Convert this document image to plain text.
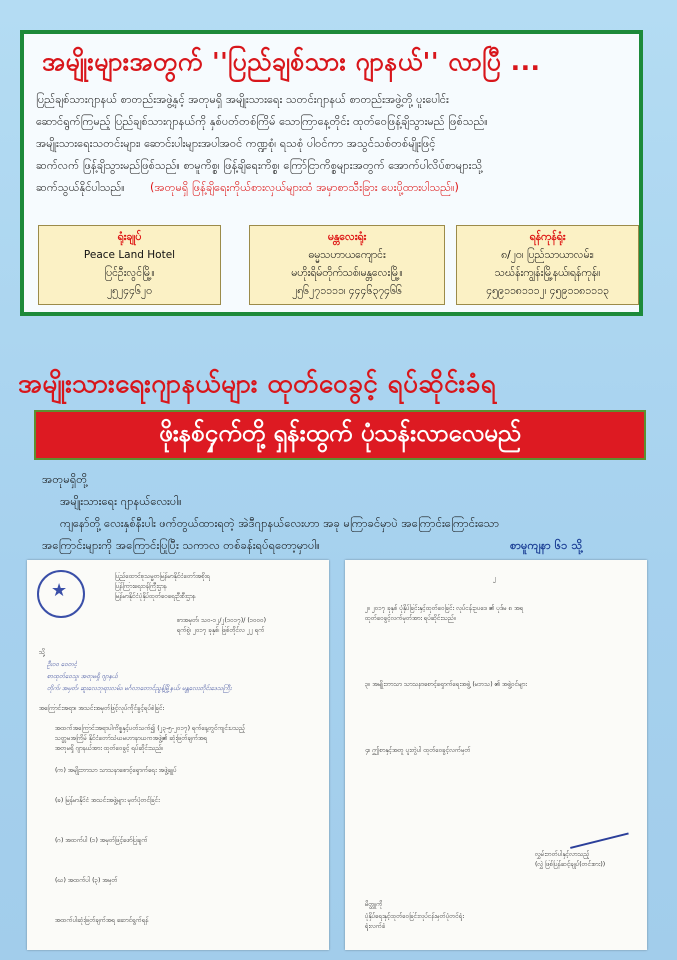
အမျိုးများအတွက် ''ပြည်ချစ်သား ဂျာနယ်'' လာပြီ ...
ပြည်ချစ်သားဂျာနယ် စာတည်းအဖွဲ့နှင့် အတုမရှိ အမျိုးသားရေး သတင်းဂျာနယ် စာတည်းအဖွဲ့တို့ ပူးပေါင်း
ဆောင်ရွက်ကြမည့် ပြည်ချစ်သားဂျာနယ်ကို နှစ်ပတ်တစ်ကြိမ် သောကြာနေ့တိုင်း ထုတ်ဝေဖြန့်ချိသွားမည် ဖြစ်သည်။
အမျိုးသားရေးသတင်းများ၊ ဆောင်းပါးများအပါအဝင် ကဏ္ဍစုံ၊ ရသစုံ ပါဝင်ကာ အသွင်သစ်တစ်မျိုးဖြင့်
ဆက်လက် ဖြန့်ချိသွားမည်ဖြစ်သည်။ စာမူကိစ္စ၊ ဖြန့်ချိရေးကိစ္စ၊ ကြော်ငြာကိစ္စများအတွက် အောက်ပါလိပ်စာများသို့
ဆက်သွယ်နိုင်ပါသည်။	(အတုမရှိ ဖြန့်ချိရေးကိုယ်စားလှယ်များထံ အမှာစာသီးခြား ပေးပို့ထားပါသည်။)
ရုံးချုပ်
Peace Land Hotel
ပြင်ဦးလွင်မြို့။
၂၅၂၄၄၆၂၀
မန္တလေးရုံး
ဓမ္မသဟာယကျောင်း
မဟိုးရိမ်တိုက်သစ်၊မန္တလေးမြို့။
၂၅၆၂၇၁၁၁၁၊ ၄၄၄၆၃၇၄၆၆
ရန်ကုန်ရုံး
၈/၂၀၊ ပြည်သာယာလမ်း၊
သဃ်န်းကျွန်းမြို့နယ်၊ရန်ကုန်။
၄၅၉၁၁၈၁၁၁၂၊ ၄၅၉၁၁၈၁၁၁၃
အမျိုးသားရေးဂျာနယ်များ ထုတ်ဝေခွင့် ရပ်ဆိုင်းခံရ
ဖိုးနစ်၄ှက်တို့ ရှန်းထွက် ပုံသန်းလာလေမည်
အတုမရှိတို့
အမျိုးသားရေး ဂျာနယ်လေးပါ။
ကျနော်တို့ လေးနှစ်နီးပါး ဖက်တွယ်ထားရတဲ့ အဲဒီဂျာနယ်လေးဟာ အခု မကြာခင်မှာပဲ အကြောင်းကြောင်းသော
အကြောင်းများကို အကြောင်းပြုပြီး သကာလ တစ်ခန်းရပ်ရတော့မှာပါ။	စာမူကျနာ ၆၁ သို့
★
ပြည်ထောင်စုသမ္မတမြန်မာနိုင်ငံတော်အစိုးရ
ပြန်ကြားရေးဝန်ကြီးဌာန
မြန်မာနိုင်ငံပုံနှိပ်ထုတ်ဝေရေးဦးစီးဌာန
စာအမှတ်၊ သဝ-၁၂/၂(၁၀၁၇)/ (၁၀၀၀)
ရက်စွဲ၊ ၂၀၁၇ ခုနှစ်၊ ဖြစ်တိုင်လ ၂၂ ရက်
သို့
ဦး၀ဝ ဝေတင့်
စာထုတ်ဝေသူ၊ အတုမရှိ ဂျာနယ်
တိုက်၊ အမှတ်၊ ဆူးလေဘုရားလမ်း၊ မင်္ဂလာတောင်ညွန့်မြို့နယ်၊ မန္တလေးတိုင်းဒေသကြီး
အကြောင်းအရာ။ အသင်းအမှတ်ဖြင့်လုပ်ကိုင်ခွင့်ရပ်စဲခြင်း
အထက်အကြောင်းအရာပါကိစ္စနှင့်ပတ်သက်၍ (၂၃-၅-၂၀၁၇) ရက်နေ့တွင်ကျင်းပသည့်
သတ္တမအကြိမ် နိုင်ငံတော်သံဃမဟာနာယကအဖွဲ့၏ ဆုံးဖြတ်ချက်အရ
အတုမရှိ ဂျာနယ်အား ထုတ်ဝေခွင့် ရပ်ဆိုင်းသည်။
(က) အမျိုးဘာသာ သာသနာစောင့်ရှောက်ရေး အဖွဲ့ချုပ်
(ခ) မြန်မာနိုင်ငံ အသင်းအဖွဲ့များ မှတ်ပုံတင်ခြင်း
(ဂ) အထက်ပါ (၁) အမှတ်ဖြင့်ဖော်ပြချက်
(ဃ) အထက်ပါ (၃) အမှတ်
အထက်ပါဆုံးဖြတ်ချက်အရ ဆောင်ရွက်ရန်
၂
၂။ ၂၀၁၇ ခုနှစ် ပုံနှိပ်ခြင်းနှင့်ထုတ်ဝေခြင်း လုပ်ငန်းဥပဒေ ၏ ပုဒ်မ ၈ အရ
ထုတ်ဝေခွင့်လက်မှတ်အား ရပ်ဆိုင်းသည်။
၃။ အမျိုးဘာသာ သာသနာစောင့်ရှောက်ရေးအဖွဲ့ (မဘသ) ၏ အဖွဲ့ဝင်များ
၄။ ဤစာနှင့်အတူ ပူးတွဲပါ ထုတ်ဝေခွင့်လက်မှတ်
လွှမ်းဘတ်ပါနှင့်လာသည့်
(လွှဲ ဖြစ်ပြန်ဆင့်ချုပ်(တင်းစား))
မိတ္တူကို
ပုံနှိပ်ရေးနှင့်ထုတ်ဝေခြင်းလုပ်ငန်းမှတ်ပုံတင်ရုံး
ရုံးလက်ခံ
